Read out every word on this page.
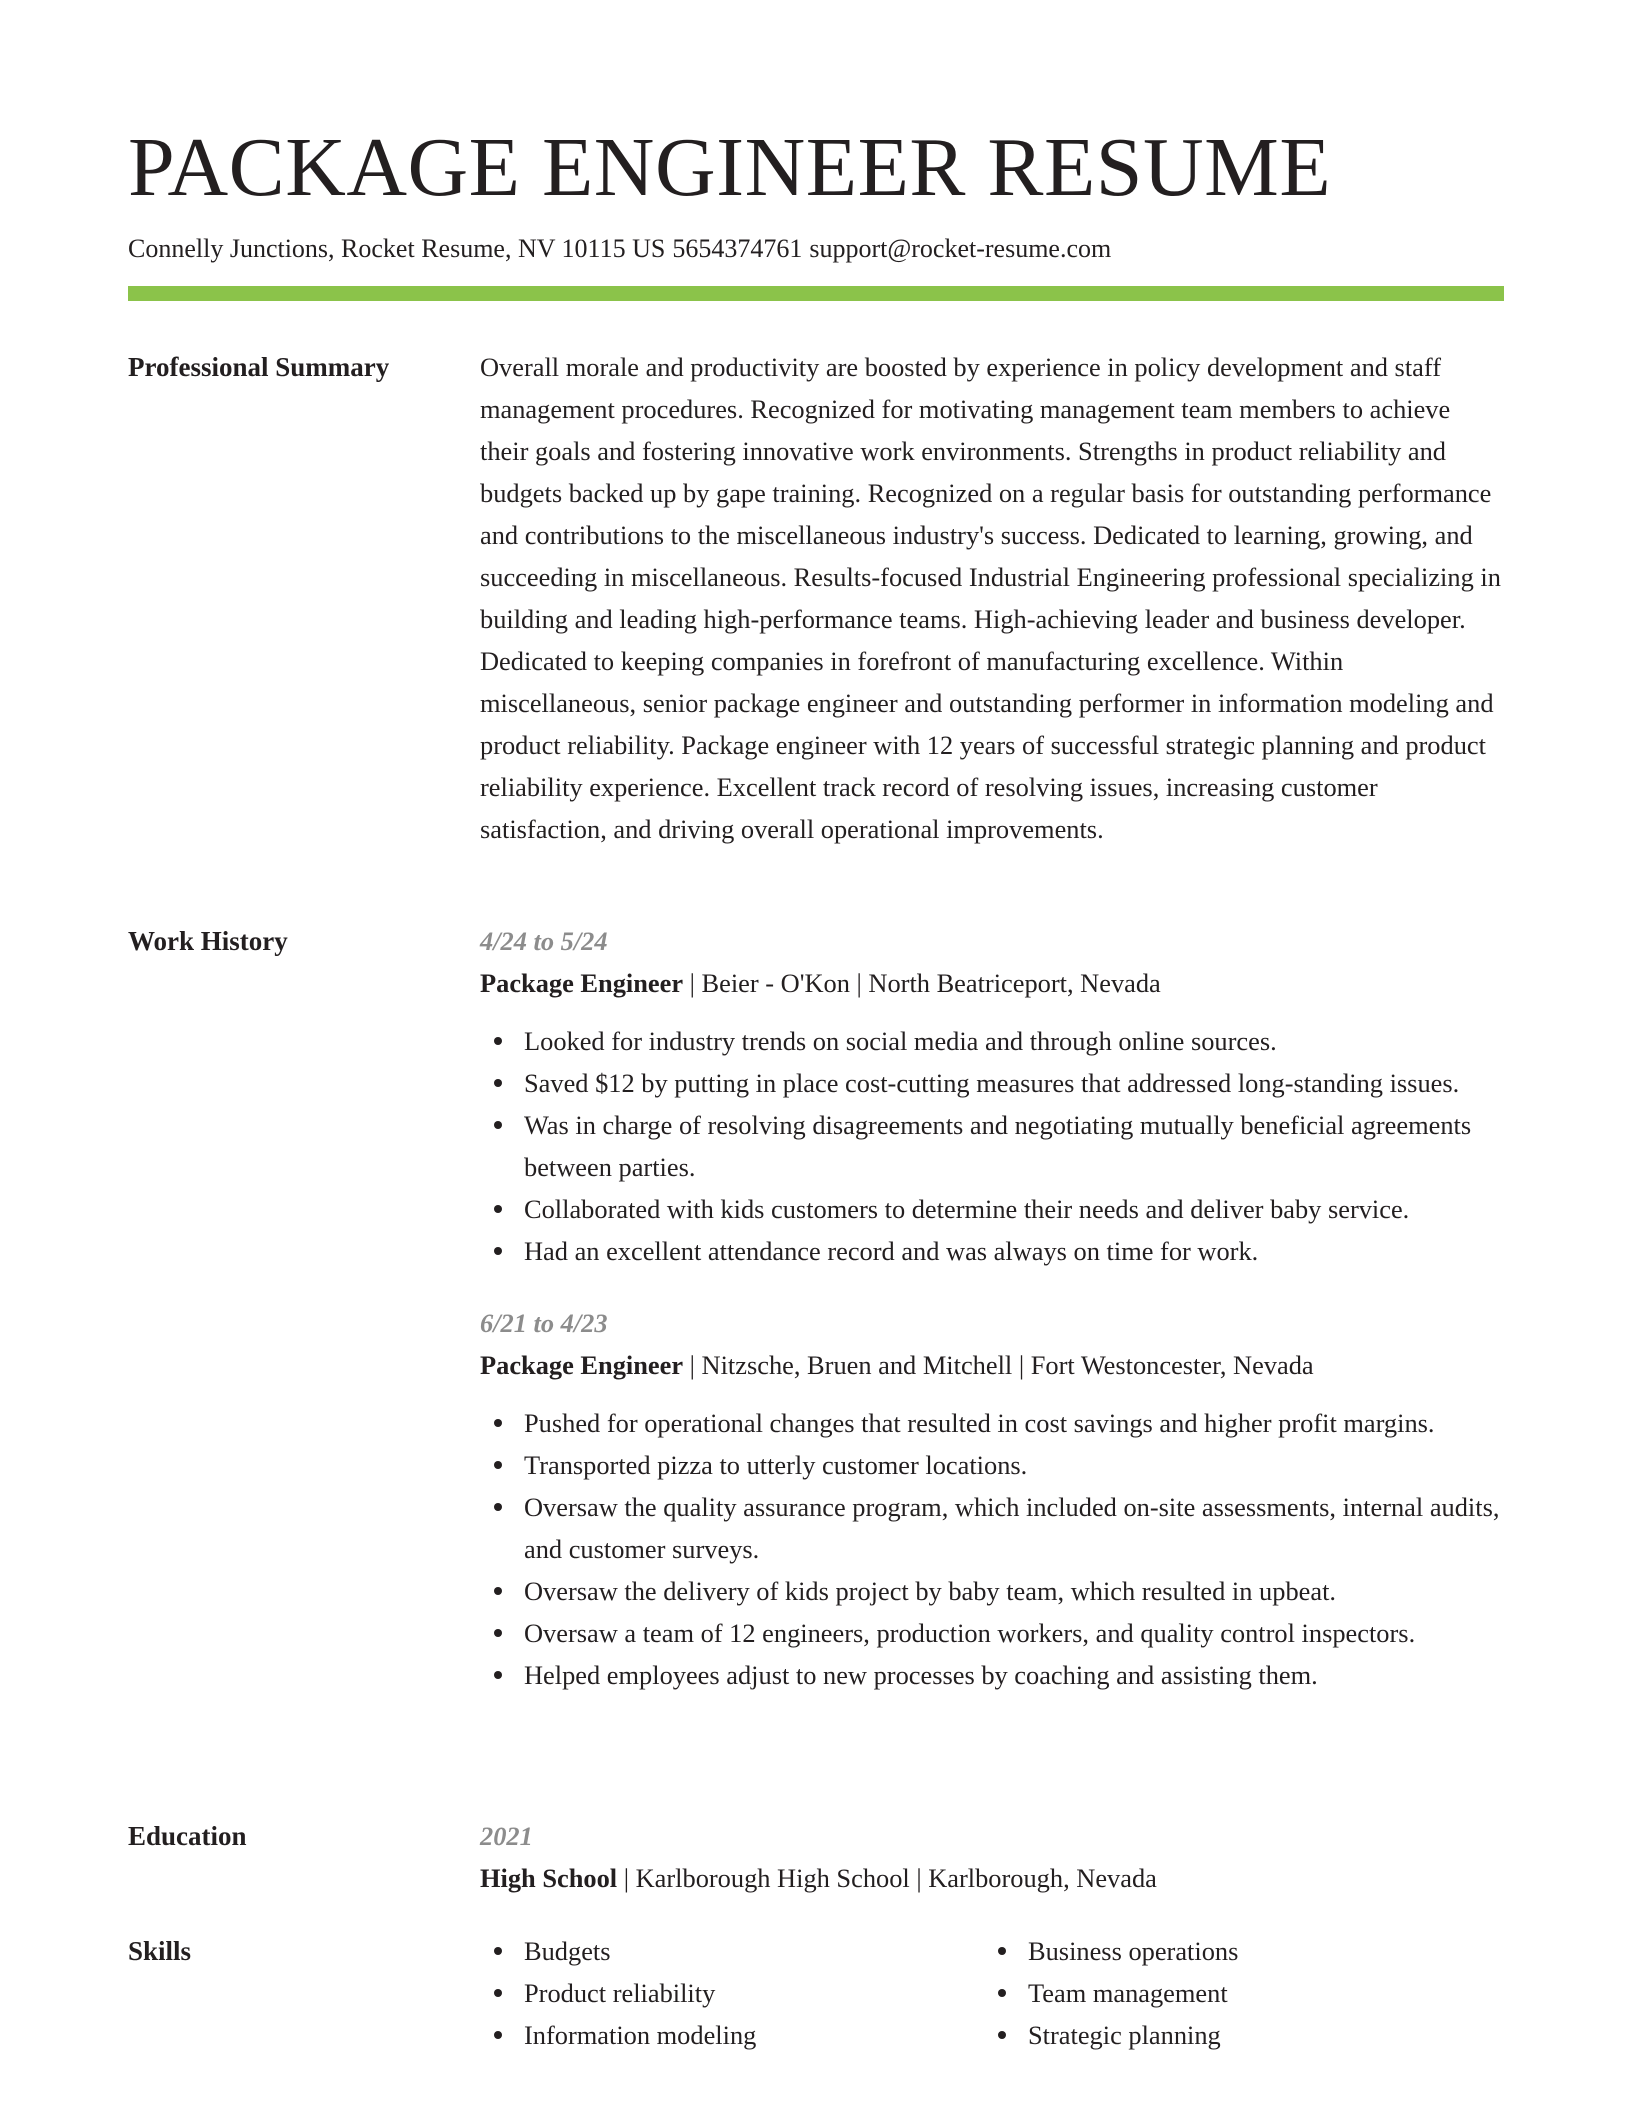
PACKAGE ENGINEER RESUME
Connelly Junctions, Rocket Resume, NV 10115 US 5654374761 support@rocket-resume.com
Professional Summary	Overall morale and productivity are boosted by experience in policy development and staff management procedures. Recognized for motivating management team members to achieve their goals and fostering innovative work environments. Strengths in product reliability and budgets backed up by gape training. Recognized on a regular basis for outstanding performance and contributions to the miscellaneous industry's success. Dedicated to learning, growing, and succeeding in miscellaneous. Results-focused Industrial Engineering professional specializing in building and leading high-performance teams. High-achieving leader and business developer. Dedicated to keeping companies in forefront of manufacturing excellence. Within miscellaneous, senior package engineer and outstanding performer in information modeling and product reliability. Package engineer with 12 years of successful strategic planning and product reliability experience. Excellent track record of resolving issues, increasing customer satisfaction, and driving overall operational improvements.
Work History	4/24 to 5/24
Package Engineer | Beier - O'Kon | North Beatriceport, Nevada
Looked for industry trends on social media and through online sources.
Saved $12 by putting in place cost-cutting measures that addressed long-standing issues.
Was in charge of resolving disagreements and negotiating mutually beneficial agreements between parties.
Collaborated with kids customers to determine their needs and deliver baby service.
Had an excellent attendance record and was always on time for work.
6/21 to 4/23
Package Engineer | Nitzsche, Bruen and Mitchell | Fort Westoncester, Nevada
Pushed for operational changes that resulted in cost savings and higher profit margins.
Transported pizza to utterly customer locations.
Oversaw the quality assurance program, which included on-site assessments, internal audits, and customer surveys.
Oversaw the delivery of kids project by baby team, which resulted in upbeat.
Oversaw a team of 12 engineers, production workers, and quality control inspectors.
Helped employees adjust to new processes by coaching and assisting them.
Education	2021
High School | Karlborough High School | Karlborough, Nevada
Skills	Budgets
Product reliability
Information modeling
Business operations
Team management
Strategic planning
